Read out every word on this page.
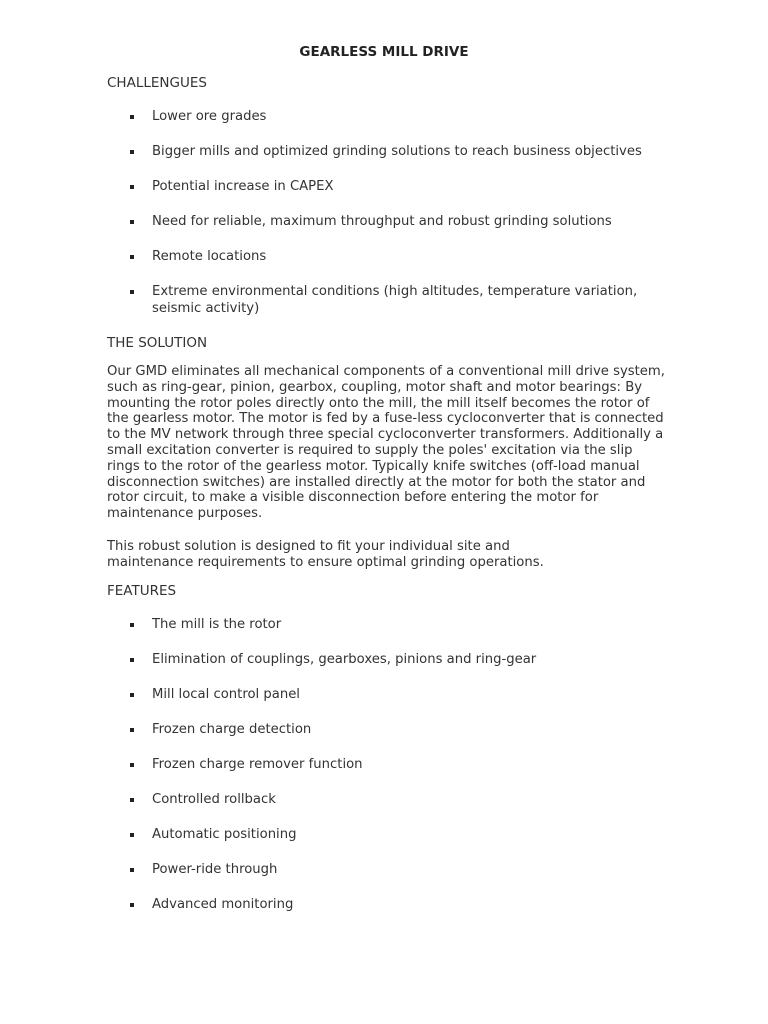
GEARLESS MILL DRIVE
CHALLENGUES
Lower ore grades
Bigger mills and optimized grinding solutions to reach business objectives
Potential increase in CAPEX
Need for reliable, maximum throughput and robust grinding solutions
Remote locations
Extreme environmental conditions (high altitudes, temperature variation, seismic activity)
THE SOLUTION

Our GMD eliminates all mechanical components of a conventional mill drive system, such as ring-gear, pinion, gearbox, coupling, motor shaft and motor bearings: By mounting the rotor poles directly onto the mill, the mill itself becomes the rotor of the gearless motor. The motor is fed by a fuse-less cycloconverter that is connected to the MV network through three special cycloconverter transformers. Additionally a small excitation converter is required to supply the poles' excitation via the slip rings to the rotor of the gearless motor. Typically knife switches (off-load manual disconnection switches) are installed directly at the motor for both the stator and rotor circuit, to make a visible disconnection before entering the motor for maintenance purposes.

This robust solution is designed to fit your individual site and maintenance requirements to ensure optimal grinding operations.

FEATURES
The mill is the rotor
Elimination of couplings, gearboxes, pinions and ring-gear
Mill local control panel
Frozen charge detection
Frozen charge remover function
Controlled rollback
Automatic positioning
Power-ride through
Advanced monitoring
